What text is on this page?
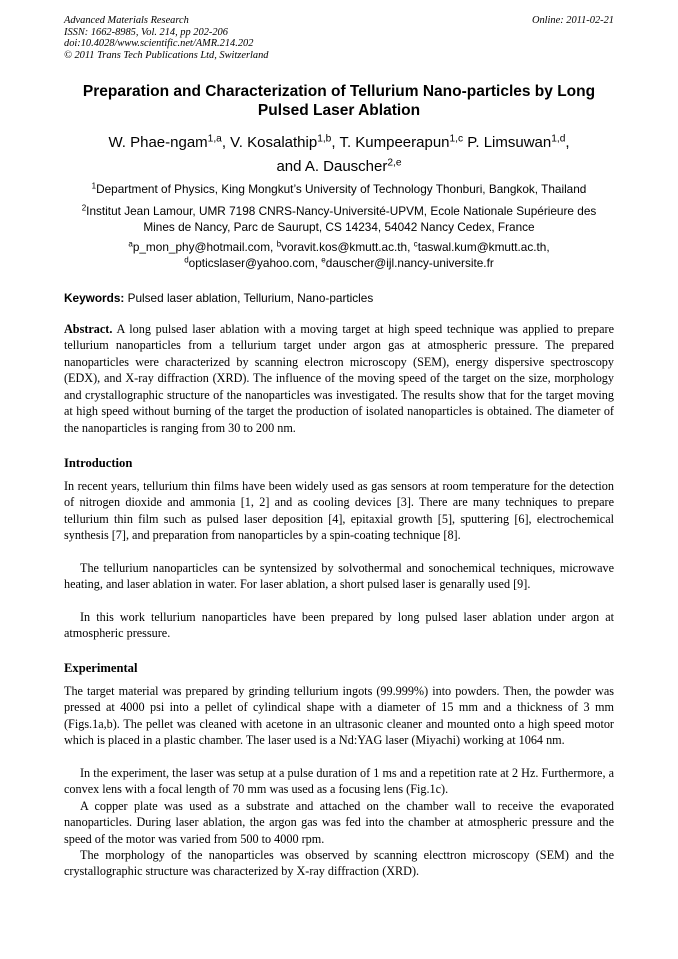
Advanced Materials Research
ISSN: 1662-8985, Vol. 214, pp 202-206
doi:10.4028/www.scientific.net/AMR.214.202
© 2011 Trans Tech Publications Ltd, Switzerland
Online: 2011-02-21
Preparation and Characterization of Tellurium Nano-particles by Long Pulsed Laser Ablation
W. Phae-ngam$^{1,a}$, V. Kosalathip$^{1,b}$, T. Kumpeerapun$^{1,c}$ P. Limsuwan$^{1,d}$,
and A. Dauscher$^{2,e}$
$^1$Department of Physics, King Mongkut’s University of Technology Thonburi, Bangkok, Thailand
$^2$Institut Jean Lamour, UMR 7198 CNRS-Nancy-Université-UPVM, Ecole Nationale Supérieure des
Mines de Nancy, Parc de Saurupt, CS 14234, 54042 Nancy Cedex, France
$^a$p_mon_phy@hotmail.com, $^b$voravit.kos@kmutt.ac.th, $^c$taswal.kum@kmutt.ac.th,
$^d$opticslaser@yahoo.com, $^e$dauscher@ijl.nancy-universite.fr
Keywords: Pulsed laser ablation, Tellurium, Nano-particles

Abstract. A long pulsed laser ablation with a moving target at high speed technique was applied to prepare tellurium nanoparticles from a tellurium target under argon gas at atmospheric pressure. The prepared nanoparticles were characterized by scanning electron microscopy (SEM), energy dispersive spectroscopy (EDX), and X-ray diffraction (XRD). The influence of the moving speed of the target on the size, morphology and crystallographic structure of the nanoparticles was investigated. The results show that for the target moving at high speed without burning of the target the production of isolated nanoparticles is obtained. The diameter of the nanoparticles is ranging from 30 to 200 nm.

Introduction

In recent years, tellurium thin films have been widely used as gas sensors at room temperature for the detection of nitrogen dioxide and ammonia [1, 2] and as cooling devices [3]. There are many techniques to prepare tellurium thin film such as pulsed laser deposition [4], epitaxial growth [5], sputtering [6], electrochemical synthesis [7], and preparation from nanoparticles by a spin-coating technique [8].

The tellurium nanoparticles can be syntensized by solvothermal and sonochemical techniques, microwave heating, and laser ablation in water. For laser ablation, a short pulsed laser is genarally used [9].

In this work tellurium nanoparticles have been prepared by long pulsed laser ablation under argon at atmospheric pressure.

Experimental

The target material was prepared by grinding tellurium ingots (99.999%) into powders. Then, the powder was pressed at 4000 psi into a pellet of cylindical shape with a diameter of 15 mm and a thickness of 3 mm (Figs.1a,b). The pellet was cleaned with acetone in an ultrasonic cleaner and mounted onto a high speed motor which is placed in a plastic chamber. The laser used is a Nd:YAG laser (Miyachi) working at 1064 nm.

In the experiment, the laser was setup at a pulse duration of 1 ms and a repetition rate at 2 Hz. Furthermore, a convex lens with a focal length of 70 mm was used as a focusing lens (Fig.1c).

A copper plate was used as a substrate and attached on the chamber wall to receive the evaporated nanoparticles. During laser ablation, the argon gas was fed into the chamber at atmospheric pressure and the speed of the motor was varied from 500 to 4000 rpm.

The morphology of the nanoparticles was observed by scanning electtron microscopy (SEM) and the crystallographic structure was characterized by X-ray diffraction (XRD).
